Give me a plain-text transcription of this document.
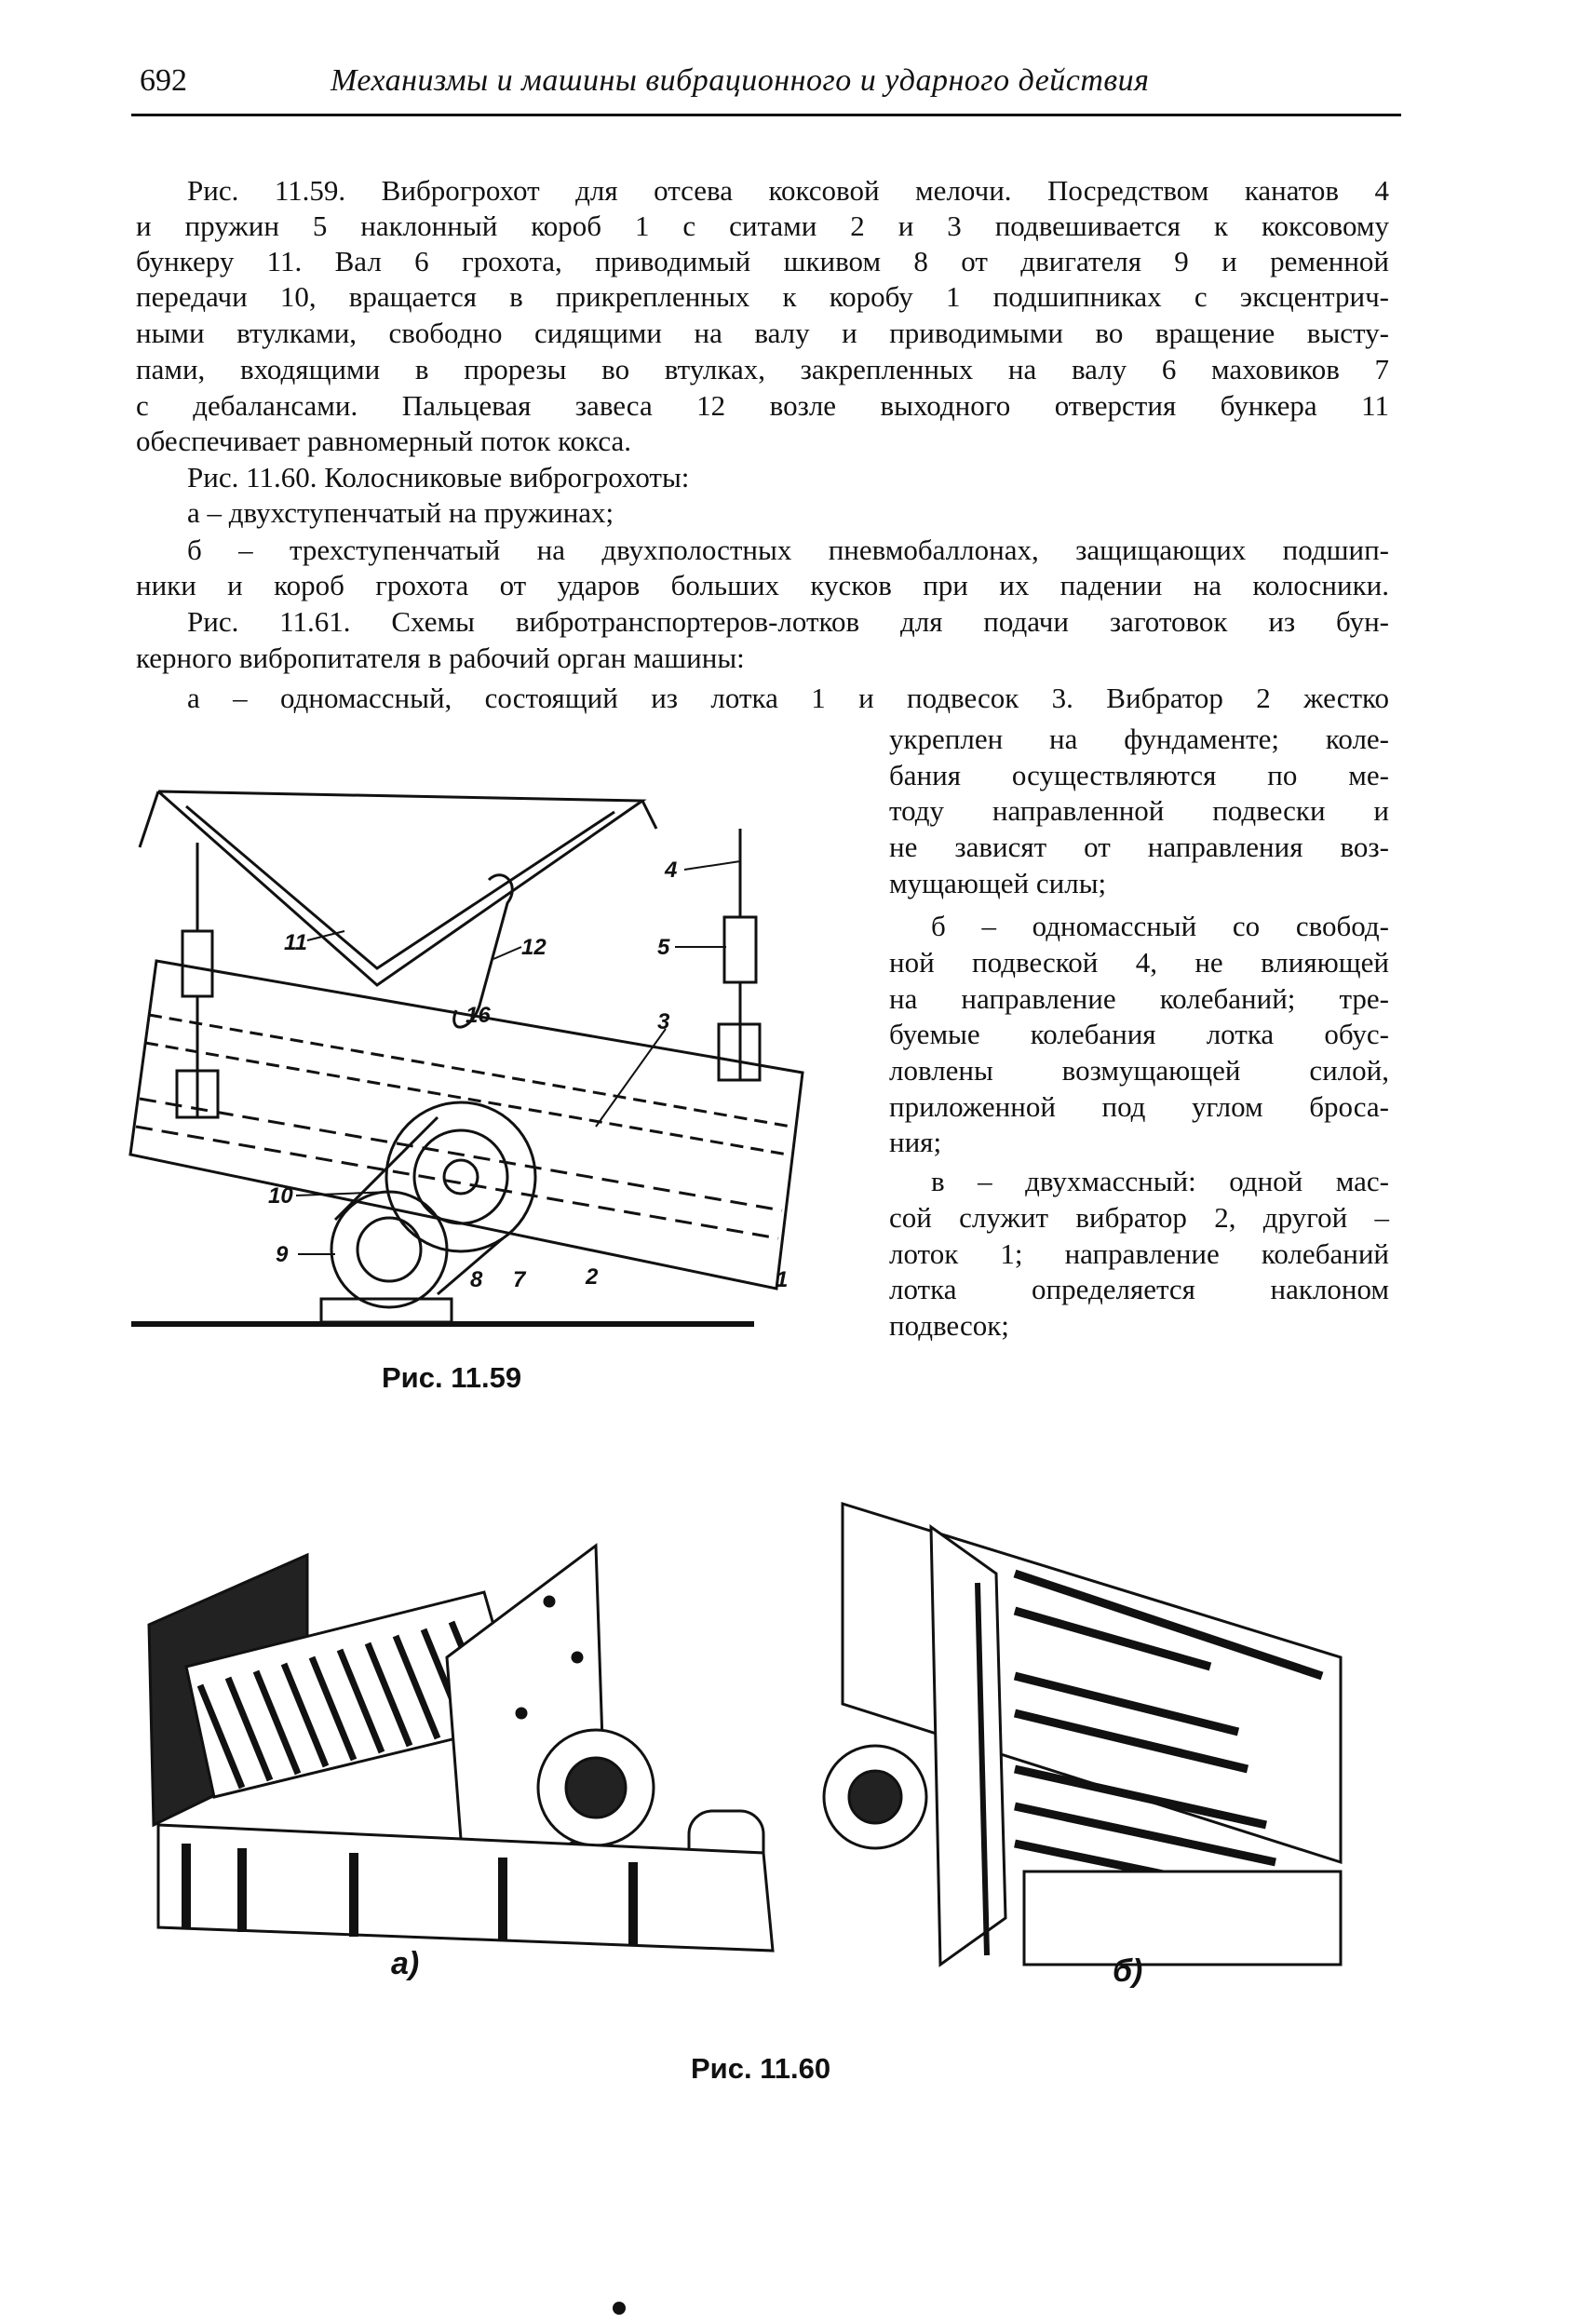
692	Механизмы и машины вибрационного и ударного действия
Рис. 11.59. Виброгрохот для отсева коксовой мелочи. Посредством канатов 4
и пружин 5 наклонный короб 1 с ситами 2 и 3 подвешивается к коксовому
бункеру 11. Вал 6 грохота, приводимый шкивом 8 от двигателя 9 и ременной
передачи 10, вращается в прикрепленных к коробу 1 подшипниках с эксцентрич-
ными втулками, свободно сидящими на валу и приводимыми во вращение высту-
пами, входящими в прорезы во втулках, закрепленных на валу 6 маховиков 7
с дебалансами. Пальцевая завеса 12 возле выходного отверстия бункера 11
обеспечивает равномерный поток кокса.
Рис. 11.60. Колосниковые виброгрохоты:
а – двухступенчатый на пружинах;
б – трехступенчатый на двухполостных пневмобаллонах, защищающих подшип-
ники и короб грохота от ударов больших кусков при их падении на колосники.
Рис. 11.61. Схемы вибротранспортеров-лотков для подачи заготовок из бун-
керного вибропитателя в рабочий орган машины:
а – одномассный, состоящий из лотка 1 и подвесок 3. Вибратор 2 жестко
укреплен на фундаменте; коле-
бания осуществляются по ме-
тоду направленной подвески и
не зависят от направления воз-
мущающей силы;
б – одномассный со свобод-
ной подвеской 4, не влияющей
на направление колебаний; тре-
буемые колебания лотка обус-
ловлены возмущающей силой,
приложенной под углом броса-
ния;
в – двухмассный: одной мас-
сой служит вибратор 2, другой –
лоток 1; направление колебаний
лотка определяется наклоном
подвесок;
11	12
4
5
16	3
10
9
8 7	2	1
Рис. 11.59
а)	б)
Рис. 11.60
